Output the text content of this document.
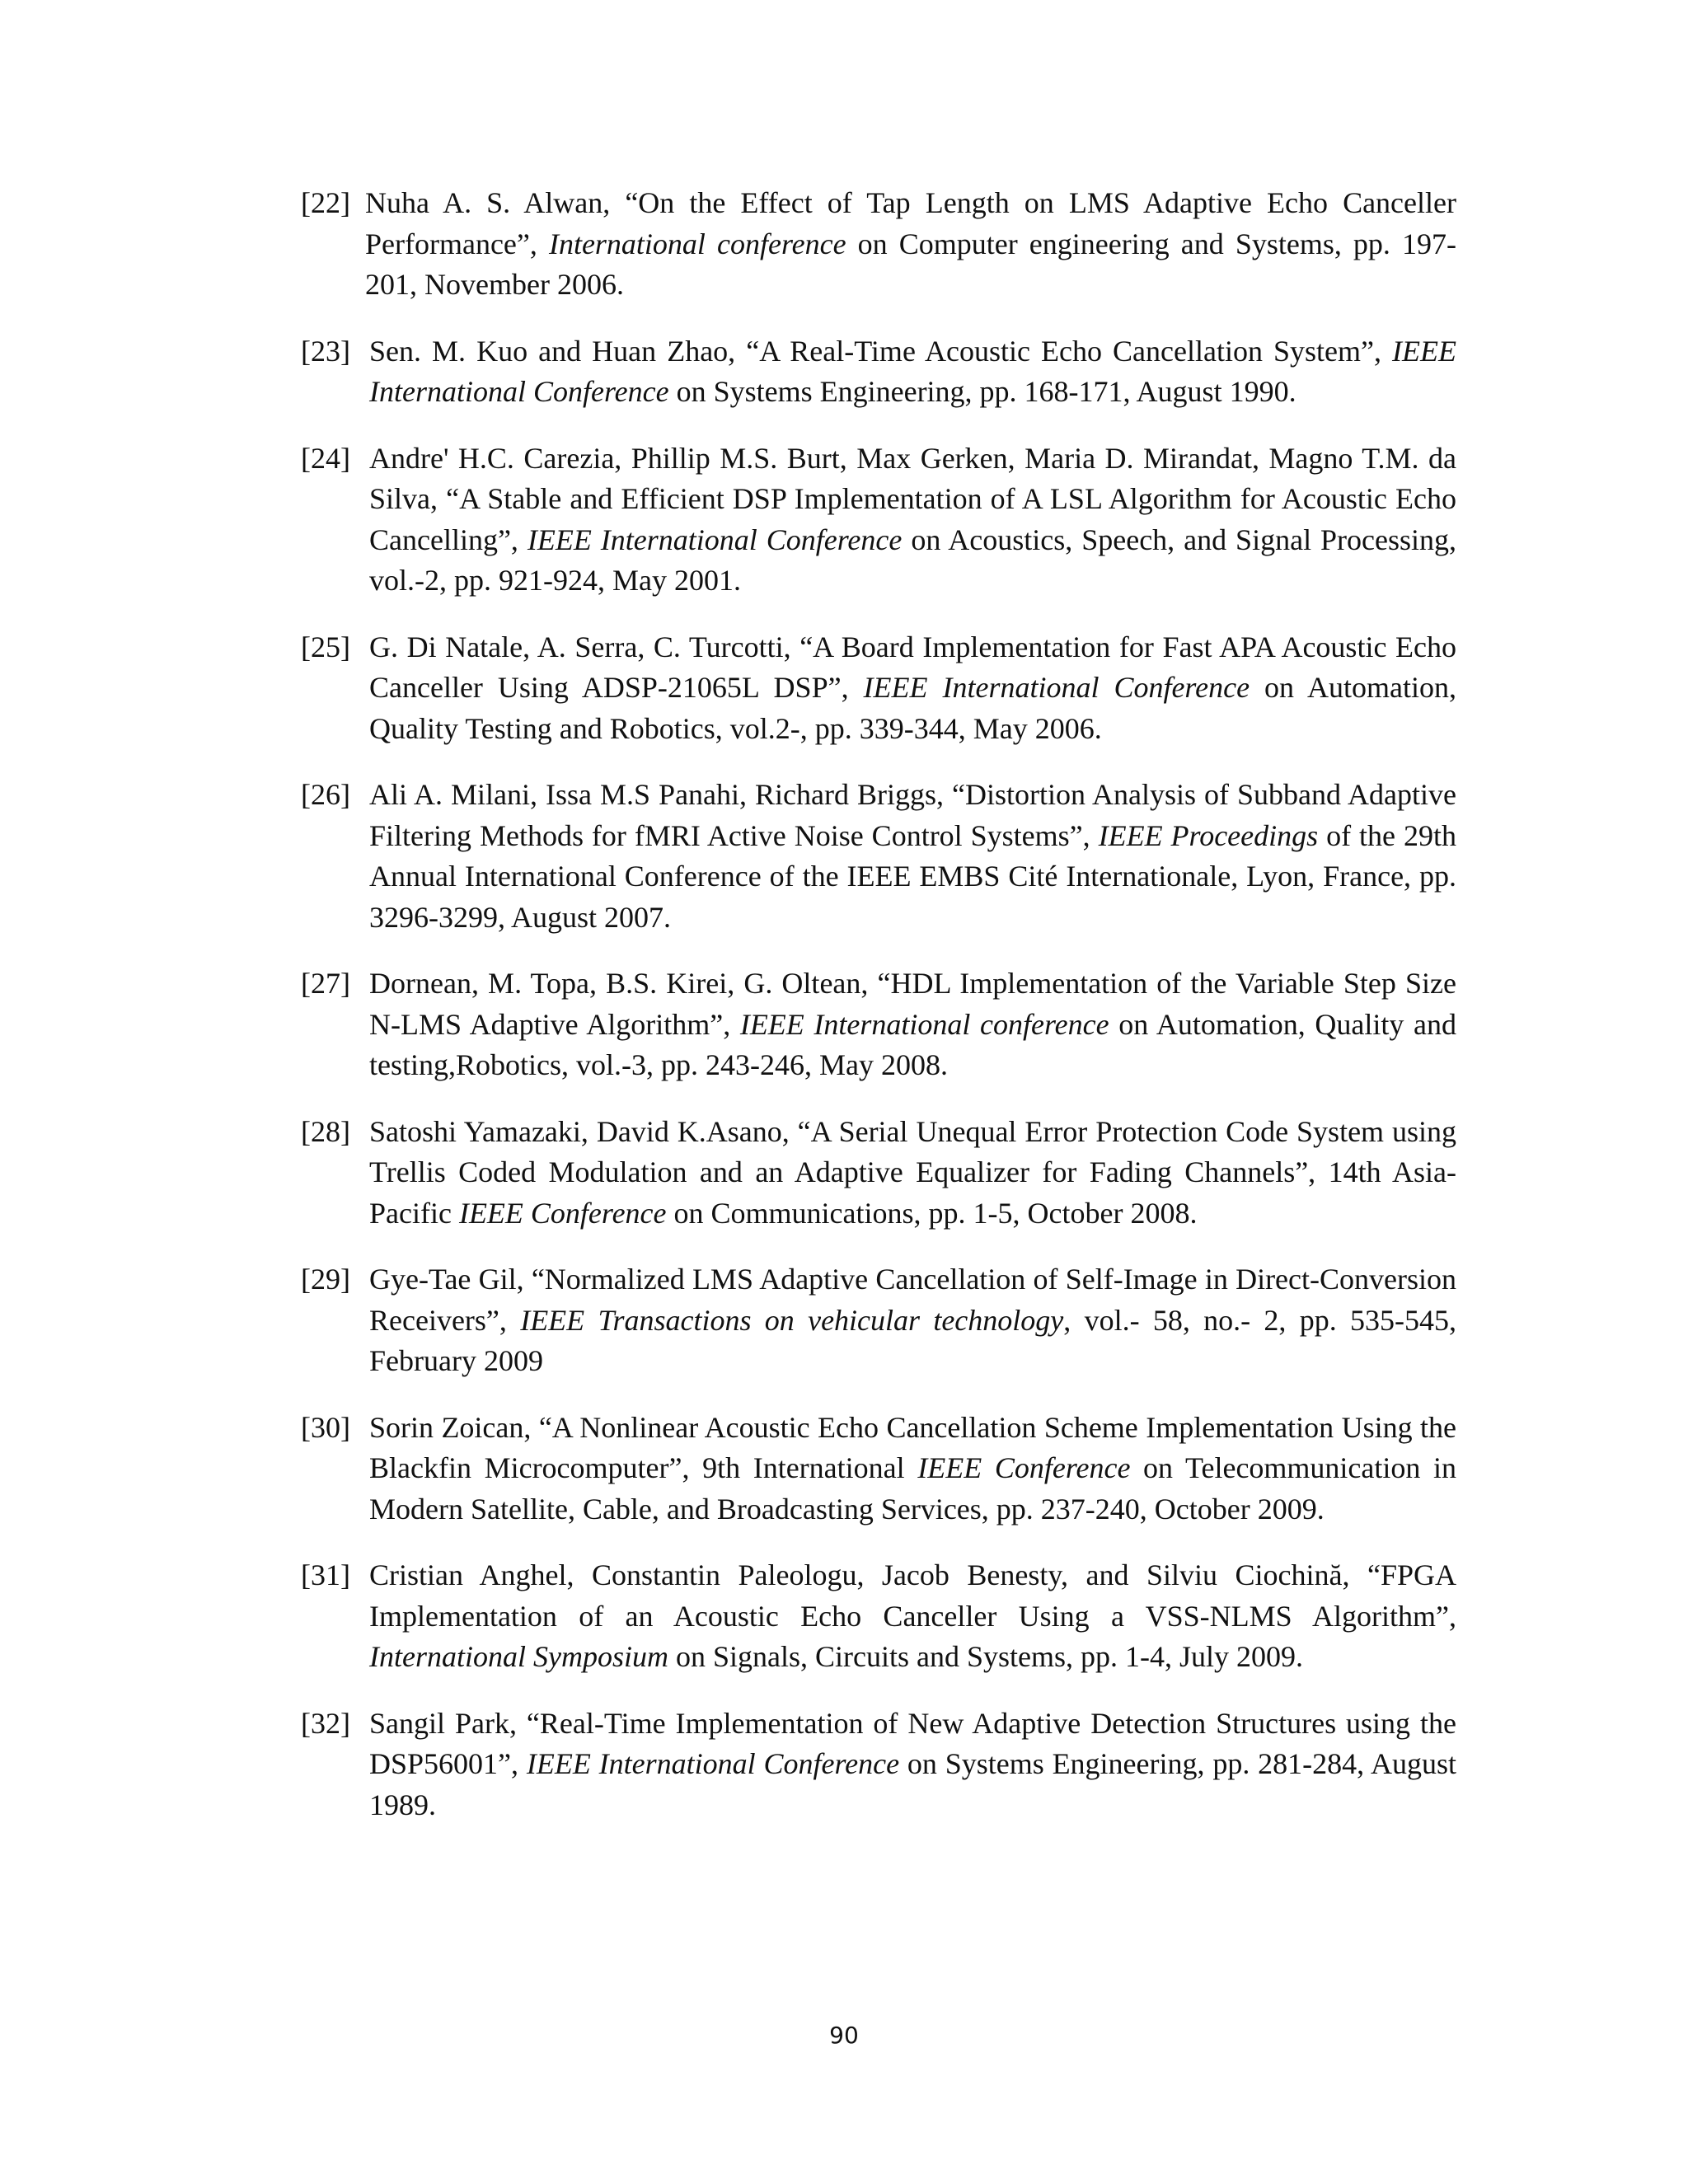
[22] Nuha A. S. Alwan, “On the Effect of Tap Length on LMS Adaptive Echo Canceller Performance”, International conference on Computer engineering and Systems, pp. 197-201, November 2006.
[23] Sen. M. Kuo and Huan Zhao, “A Real-Time Acoustic Echo Cancellation System”, IEEE International Conference on Systems Engineering, pp. 168-171, August 1990.
[24] Andre' H.C. Carezia, Phillip M.S. Burt, Max Gerken, Maria D. Mirandat, Magno T.M. da Silva, “A Stable and Efficient DSP Implementation of A LSL Algorithm for Acoustic Echo Cancelling”, IEEE International Conference on Acoustics, Speech, and Signal Processing, vol.-2, pp. 921-924, May 2001.
[25] G. Di Natale, A. Serra, C. Turcotti, “A Board Implementation for Fast APA Acoustic Echo Canceller Using ADSP-21065L DSP”, IEEE International Conference on Automation, Quality Testing and Robotics, vol.2-, pp. 339-344, May 2006.
[26] Ali A. Milani, Issa M.S Panahi, Richard Briggs, “Distortion Analysis of Subband Adaptive Filtering Methods for fMRI Active Noise Control Systems”, IEEE Proceedings of the 29th Annual International Conference of the IEEE EMBS Cité Internationale, Lyon, France, pp. 3296-3299, August 2007.
[27] Dornean, M. Topa, B.S. Kirei, G. Oltean, “HDL Implementation of the Variable Step Size N-LMS Adaptive Algorithm”, IEEE International conference on Automation, Quality and testing,Robotics, vol.-3, pp. 243-246, May 2008.
[28] Satoshi Yamazaki, David K.Asano, “A Serial Unequal Error Protection Code System using Trellis Coded Modulation and an Adaptive Equalizer for Fading Channels”, 14th Asia-Pacific IEEE Conference on Communications, pp. 1-5, October 2008.
[29] Gye-Tae Gil, “Normalized LMS Adaptive Cancellation of Self-Image in Direct-Conversion Receivers”, IEEE Transactions on vehicular technology, vol.- 58, no.- 2, pp. 535-545, February 2009
[30] Sorin Zoican, “A Nonlinear Acoustic Echo Cancellation Scheme Implementation Using the Blackfin Microcomputer”, 9th International IEEE Conference on Telecommunication in Modern Satellite, Cable, and Broadcasting Services, pp. 237-240, October 2009.
[31] Cristian Anghel, Constantin Paleologu, Jacob Benesty, and Silviu Ciochină, “FPGA Implementation of an Acoustic Echo Canceller Using a VSS-NLMS Algorithm”, International Symposium on Signals, Circuits and Systems, pp. 1-4, July 2009.
[32] Sangil Park, “Real-Time Implementation of New Adaptive Detection Structures using the DSP56001”, IEEE International Conference on Systems Engineering, pp. 281-284, August 1989.
90
